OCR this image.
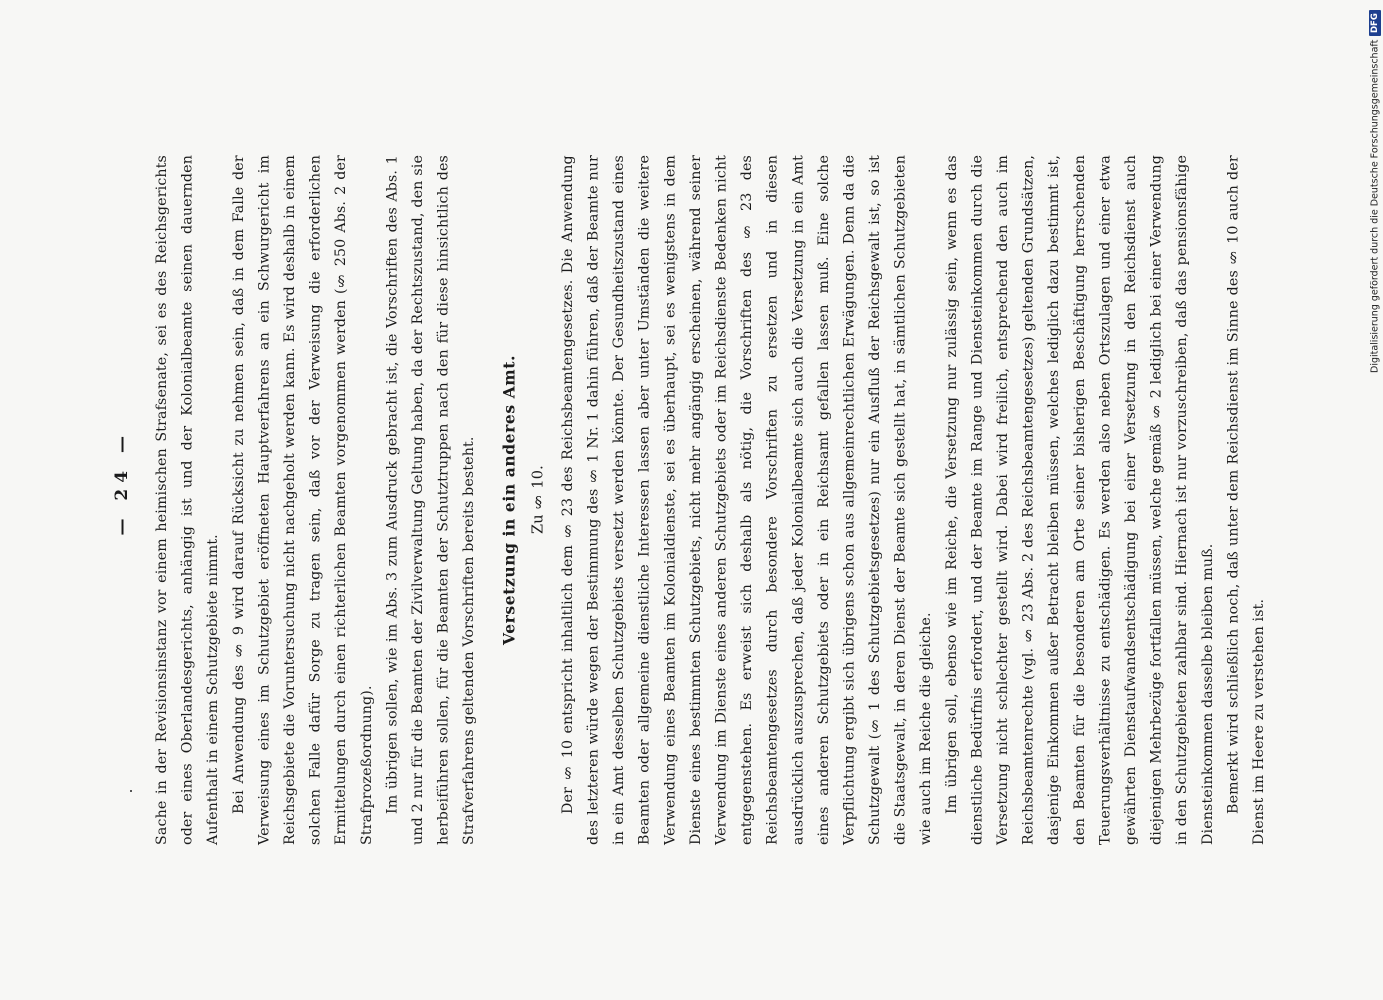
— 24 — Sache in der Revisionsinstanz vor einem heimischen Strafsenate, sei es des Reichsgerichts oder eines Oberlandesgerichts, anhängig ist und der Kolonialbeamte seinen dauernden Aufenthalt in einem Schutzgebiete nimmt. Bei Anwendung des § 9 wird darauf Rücksicht zu nehmen sein, daß in dem Falle der Verweisung eines im Schutzgebiet eröffneten Hauptverfahrens an ein Schwurgericht im Reichsgebiete die Voruntersuchung nicht nachgeholt werden kann. Es wird deshalb in einem solchen Falle dafür Sorge zu tragen sein, daß vor der Verweisung die erforderlichen Ermittelungen durch einen richterlichen Beamten vorgenommen werden (§ 250 Abs. 2 der Strafprozeßordnung). Im übrigen sollen, wie im Abs. 3 zum Ausdruck gebracht ist, die Vorschriften des Abs. 1 und 2 nur für die Beamten der Zivilverwaltung Geltung haben, da der Rechtszustand, den sie herbeiführen sollen, für die Beamten der Schutztruppen nach den für diese hinsichtlich des Strafverfahrens geltenden Vorschriften bereits besteht.	Versetzung in ein anderes Amt. Zu § 10. Der § 10 entspricht inhaltlich dem § 23 des Reichsbeamtengesetzes. Die Anwendung des letzteren würde wegen der Bestimmung des § 1 Nr. 1 dahin führen, daß der Beamte nur in ein Amt desselben Schutzgebiets versetzt werden könnte. Der Gesundheitszustand eines Beamten oder allgemeine dienstliche Interessen lassen aber unter Umständen die weitere Verwendung eines Beamten im Kolonialdienste, sei es überhaupt, sei es wenigstens in dem Dienste eines bestimmten Schutzgebiets, nicht mehr angängig erscheinen, während seiner Verwendung im Dienste eines anderen Schutzgebiets oder im Reichsdienste Bedenken nicht entgegenstehen. Es erweist sich deshalb als nötig, die Vorschriften des § 23 des Reichsbeamtengesetzes durch besondere Vorschriften zu ersetzen und in diesen ausdrücklich auszusprechen, daß jeder Kolonialbeamte sich auch die Versetzung in ein Amt eines anderen Schutzgebiets oder in ein Reichsamt gefallen lassen muß. Eine solche Verpflichtung ergibt sich übrigens schon aus allgemeinrechtlichen Erwägungen. Denn da die Schutzgewalt (§ 1 des Schutzgebietsgesetzes) nur ein Ausfluß der Reichsgewalt ist, so ist die Staatsgewalt, in deren Dienst der Beamte sich gestellt hat, in sämtlichen Schutzgebieten wie auch im Reiche die gleiche. Im übrigen soll, ebenso wie im Reiche, die Versetzung nur zulässig sein, wenn es das dienstliche Bedürfnis erfordert, und der Beamte im Range und Diensteinkommen durch die Versetzung nicht schlechter gestellt wird. Dabei wird freilich, entsprechend den auch im Reichsbeamtenrechte (vgl. § 23 Abs. 2 des Reichsbeamtengesetzes) geltenden Grundsätzen, dasjenige Einkommen außer Betracht bleiben müssen, welches lediglich dazu bestimmt ist, den Beamten für die besonderen am Orte seiner bisherigen Beschäftigung herrschenden Teuerungsverhältnisse zu entschädigen. Es werden also neben Ortszulagen und einer etwa gewährten Dienstaufwandsentschädigung bei einer Versetzung in den Reichsdienst auch diejenigen Mehrbezüge fortfallen müssen, welche gemäß § 2 lediglich bei einer Verwendung in den Schutzgebieten zahlbar sind. Hiernach ist nur vorzuschreiben, daß das pensionsfähige Diensteinkommen dasselbe bleiben muß. Bemerkt wird schließlich noch, daß unter dem Reichsdienst im Sinne des § 10 auch der Dienst im Heere zu verstehen ist.

Digitalisierung gefördert durch die Deutsche Forschungsgemeinschaft
DFG
